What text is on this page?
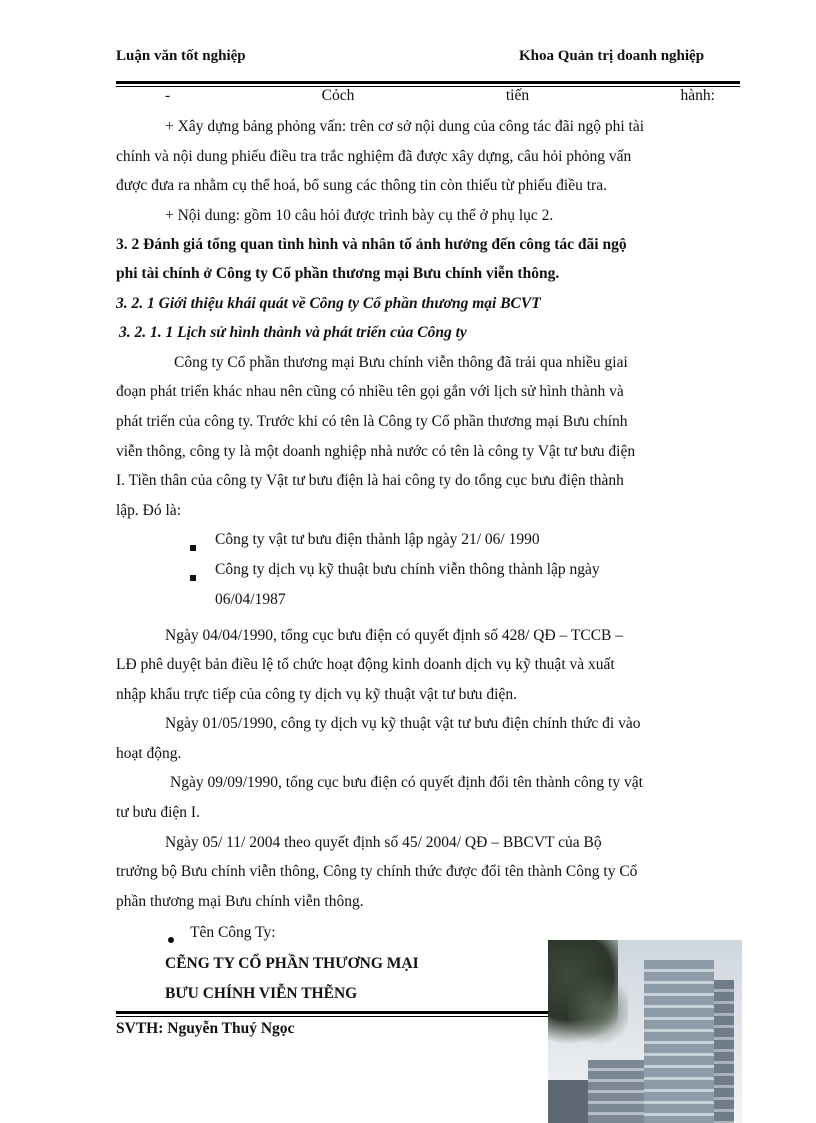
Luận văn tốt nghiệp	Khoa Quản trị doanh nghiệp
-	Cỏch	tiến	hành:
+ Xây dựng bảng phỏng vấn: trên cơ sở nội dung của công tác đãi ngộ phi tài
chính và nội dung phiếu điều tra trắc nghiệm đã được xây dựng, câu hỏi phỏng vấn
được đưa ra nhằm cụ thể hoá, bổ sung các thông tin còn thiếu từ phiếu điều tra.
+ Nội dung: gồm 10 câu hỏi được trình bày cụ thể ở phụ lục 2.
3. 2 Đánh giá tổng quan tình hình và nhân tố ảnh hưởng đến công tác đãi ngộ
phi tài chính ở Công ty Cổ phần thương mại Bưu chính viễn thông.
3. 2. 1 Giới thiệu khái quát về Công ty Cổ phần thương mại BCVT
3. 2. 1. 1 Lịch sử hình thành và phát triển của Công ty
Công ty Cổ phần thương mại Bưu chính viễn thông đã trải qua nhiều giai
đoạn phát triển khác nhau nên cũng có nhiều tên gọi gắn với lịch sử hình thành và
phát triển của công ty. Trước khi có tên là Công ty Cổ phần thương mại Bưu chính
viễn thông, công ty là một doanh nghiệp nhà nước có tên là công ty Vật tư bưu điện
I. Tiền thân của công ty Vật tư bưu điện là hai công ty do tổng cục bưu điện thành
lập. Đó là:
Công ty vật tư bưu điện thành lập ngày 21/ 06/ 1990
Công ty dịch vụ kỹ thuật bưu chính viễn thông thành lập ngày
06/04/1987
Ngày 04/04/1990, tổng cục bưu điện có quyết định số 428/ QĐ – TCCB –
LĐ phê duyệt bản điều lệ tổ chức hoạt động kinh doanh dịch vụ kỹ thuật và xuất
nhập khẩu trực tiếp của công ty dịch vụ kỹ thuật vật tư bưu điện.
Ngày 01/05/1990, công ty dịch vụ kỹ thuật vật tư bưu điện chính thức đi vào
hoạt động.
Ngày 09/09/1990, tổng cục bưu điện có quyết định đổi tên thành công ty vật
tư bưu điện I.
Ngày 05/ 11/ 2004 theo quyết định số 45/ 2004/ QĐ – BBCVT của Bộ
trưởng bộ Bưu chính viễn thông, Công ty chính thức được đổi tên thành Công ty Cổ
phần thương mại Bưu chính viễn thông.
Tên Công Ty:
CẼNG TY CỔ PHẦN THƯƠNG MẠI
BƯU CHÍNH VIỄN THẼNG
SVTH: Nguyễn Thuý Ngọc
